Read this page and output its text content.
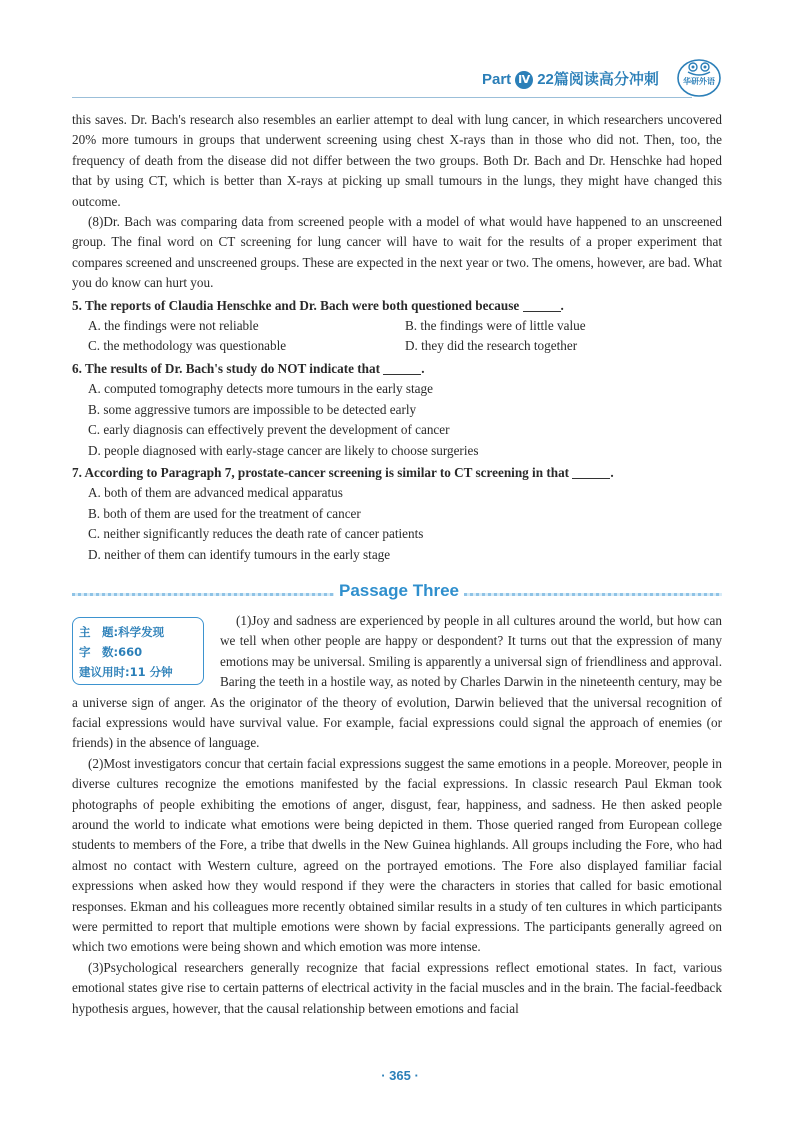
Part Ⅳ 22篇阅读高分冲刺	华研外语

this saves. Dr. Bach's research also resembles an earlier attempt to deal with lung cancer, in which researchers uncovered 20% more tumours in groups that underwent screening using chest X-rays than in those who did not. Then, too, the frequency of death from the disease did not differ between the two groups. Both Dr. Bach and Dr. Henschke had hoped that by using CT, which is better than X-rays at picking up small tumours in the lungs, they might have changed this outcome.

(8)Dr. Bach was comparing data from screened people with a model of what would have happened to an unscreened group. The final word on CT screening for lung cancer will have to wait for the results of a proper experiment that compares screened and unscreened groups. These are expected in the next year or two. The omens, however, are bad. What you do know can hurt you.

5. The reports of Claudia Henschke and Dr. Bach were both questioned because	.
A. the findings were not reliable	B. the findings were of little value
C. the methodology was questionable	D. they did the research together
6. The results of Dr. Bach's study do NOT indicate that	.
A. computed tomography detects more tumours in the early stage
B. some aggressive tumors are impossible to be detected early
C. early diagnosis can effectively prevent the development of cancer
D. people diagnosed with early-stage cancer are likely to choose surgeries
7. According to Paragraph 7, prostate-cancer screening is similar to CT screening in that	.
A. both of them are advanced medical apparatus
B. both of them are used for the treatment of cancer
C. neither significantly reduces the death rate of cancer patients
D. neither of them can identify tumours in the early stage
Passage Three
主　题:科学发现
字　数:660
建议用时:11 分钟

(1)Joy and sadness are experienced by people in all cultures around the world, but how can we tell when other people are happy or despondent? It turns out that the expression of many emotions may be universal. Smiling is apparently a universal sign of friendliness and approval. Baring the teeth in a hostile way, as noted by Charles Darwin in the nineteenth century, may be a universe sign of anger. As the originator of the theory of evolution, Darwin believed that the universal recognition of facial expressions would have survival value. For example, facial expressions could signal the approach of enemies (or friends) in the absence of language.

(2)Most investigators concur that certain facial expressions suggest the same emotions in a people. Moreover, people in diverse cultures recognize the emotions manifested by the facial expressions. In classic research Paul Ekman took photographs of people exhibiting the emotions of anger, disgust, fear, happiness, and sadness. He then asked people around the world to indicate what emotions were being depicted in them. Those queried ranged from European college students to members of the Fore, a tribe that dwells in the New Guinea highlands. All groups including the Fore, who had almost no contact with Western culture, agreed on the portrayed emotions. The Fore also displayed familiar facial expressions when asked how they would respond if they were the characters in stories that called for basic emotional responses. Ekman and his colleagues more recently obtained similar results in a study of ten cultures in which participants were permitted to report that multiple emotions were shown by facial expressions. The participants generally agreed on which two emotions were being shown and which emotion was more intense.

(3)Psychological researchers generally recognize that facial expressions reflect emotional states. In fact, various emotional states give rise to certain patterns of electrical activity in the facial muscles and in the brain. The facial-feedback hypothesis argues, however, that the causal relationship between emotions and facial

· 365 ·
